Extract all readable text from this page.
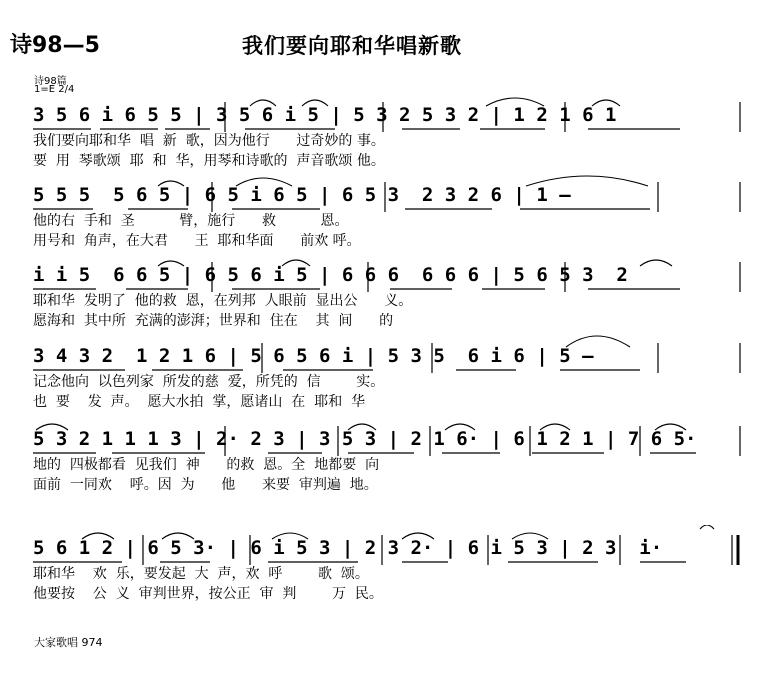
诗98—5	我们要向耶和华唱新歌
诗98篇
1=E 2/4
3 5 6 i 6 5 5 | 3 5 6 i 5 | 5 3 2 5 3 2 | 1 2 1 6 1
我们要向耶和华  唱  新  歌，因为他行      过奇妙的 事。
要  用  琴歌颂  耶  和  华，用琴和诗歌的  声音歌颂 他。
5 5 5  5 6 5 | 6 5 i 6 5 | 6 5 3  2 3 2 6 | 1 –
他的右  手和  圣          臂，施行      救          恩。
用号和  角声，在大君      王  耶和华面      前欢 呼。
i i 5  6 6 5 | 6 5 6 i 5 | 6 6 6  6 6 6 | 5 6 5 3  2
耶和华  发明了  他的救  恩，在列邦  人眼前  显出公      义。
愿海和  其中所  充满的澎湃；世界和  住在    其  间      的
3 4 3 2  1 2 1 6 | 5 6 5 6 i | 5 3 5  6 i 6 | 5 –
记念他向  以色列家  所发的慈  爱，所凭的  信        实。
也  要    发  声。  愿大水拍  掌，愿诸山  在  耶和  华
5 3 2 1 1 1 3 | 2· 2 3 | 3 5 3 | 2 1 6· | 6 1 2 1 | 7 6 5·
地的  四极都看  见我们  神      的救  恩。全  地都要  向
面前  一同欢    呼。因  为      他      来要  审判遍  地。
5 6 1 2 | 6 5 3· | 6 i 5 3 | 2 3 2· | 6 i 5 3 | 2 3  i·
耶和华    欢  乐，要发起  大  声，欢  呼        歌  颂。
他要按    公  义  审判世界，按公正  审  判        万  民。
大家歌唱 974
